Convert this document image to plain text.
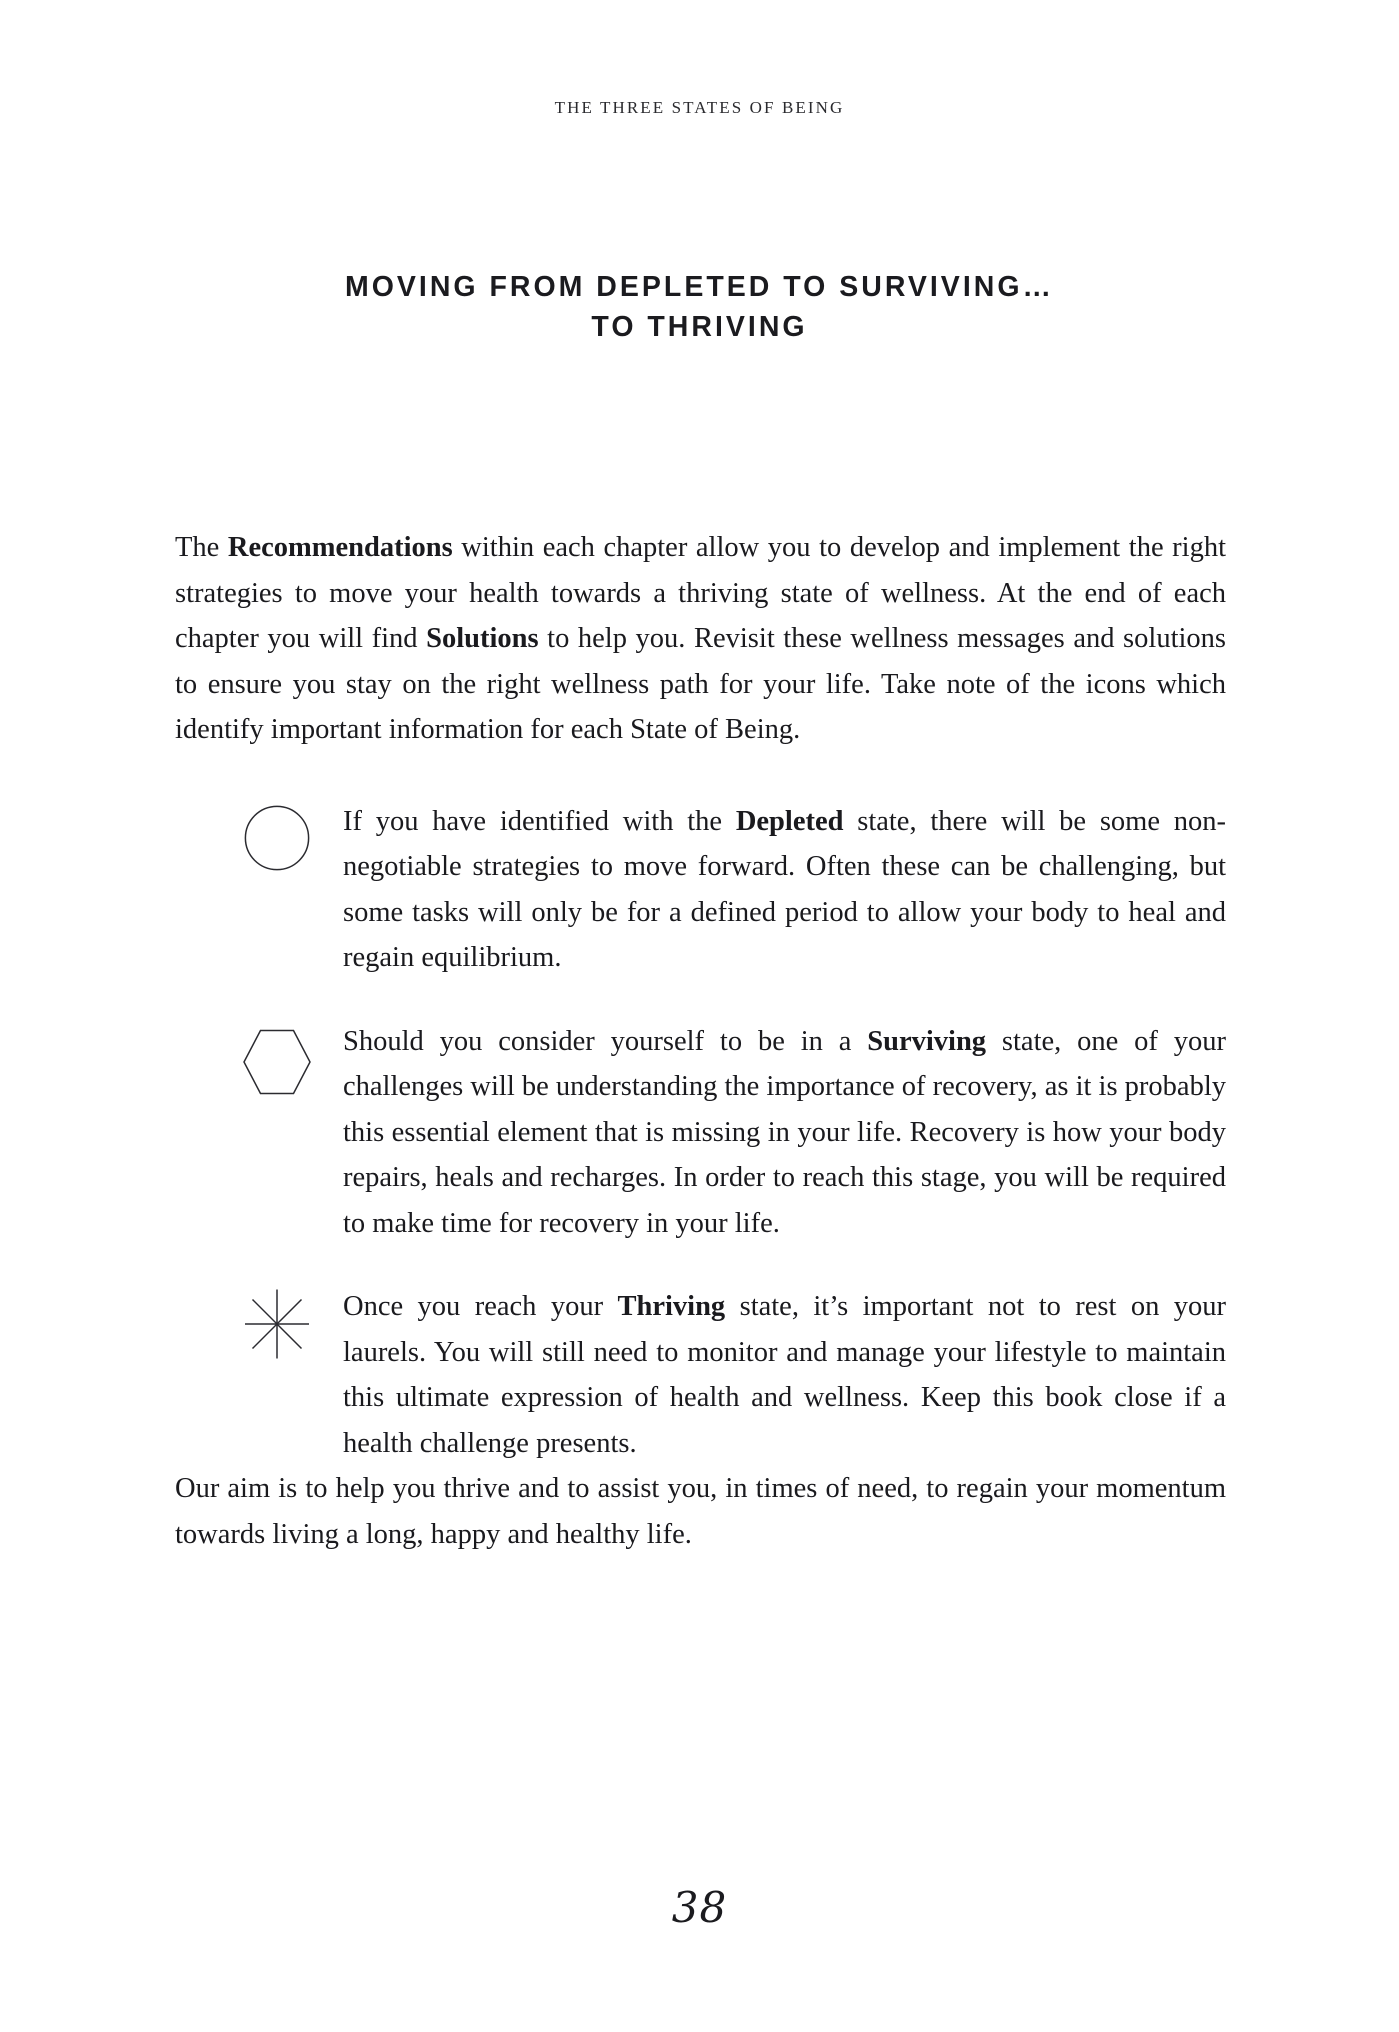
THE THREE STATES OF BEING
MOVING FROM DEPLETED TO SURVIVING…
TO THRIVING

The Recommendations within each chapter allow you to develop and implement the right strategies to move your health towards a thriving state of wellness. At the end of each chapter you will find Solutions to help you. Revisit these wellness messages and solutions to ensure you stay on the right wellness path for your life. Take note of the icons which identify important information for each State of Being.

If you have identified with the Depleted state, there will be some non-negotiable strategies to move forward. Often these can be challenging, but some tasks will only be for a defined period to allow your body to heal and regain equilibrium.
Should you consider yourself to be in a Surviving state, one of your challenges will be understanding the importance of recovery, as it is probably this essential element that is missing in your life. Recovery is how your body repairs, heals and recharges. In order to reach this stage, you will be required to make time for recovery in your life.
Once you reach your Thriving state, it’s important not to rest on your laurels. You will still need to monitor and manage your lifestyle to maintain this ultimate expression of health and wellness. Keep this book close if a health challenge presents.

Our aim is to help you thrive and to assist you, in times of need, to regain your momentum towards living a long, happy and healthy life.

38
